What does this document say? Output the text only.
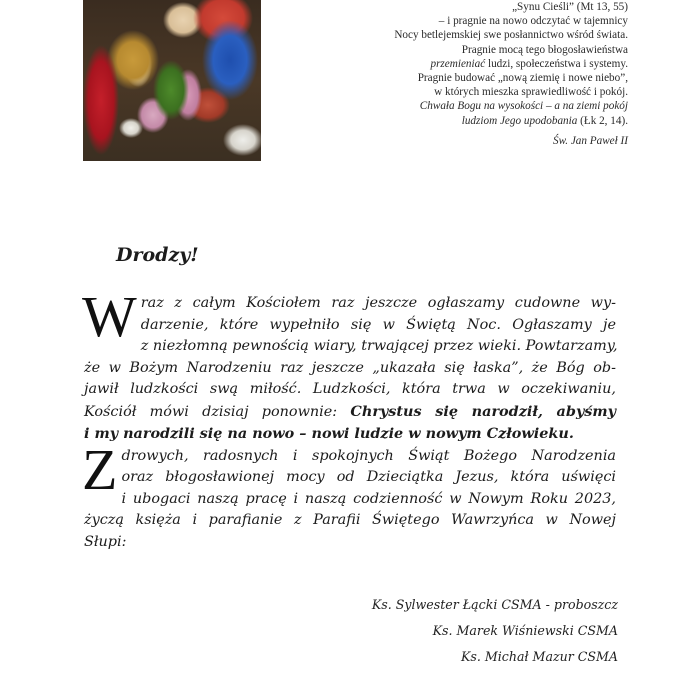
„Synu Cieśli” (Mt 13, 55)
– i pragnie na nowo odczytać w tajemnicy
Nocy betlejemskiej swe posłannictwo wśród świata.
Pragnie mocą tego błogosławieństwa
przemieniać ludzi, społeczeństwa i systemy.
Pragnie budować „nową ziemię i nowe niebo”,
w których mieszka sprawiedliwość i pokój.
Chwała Bogu na wysokości – a na ziemi pokój
ludziom Jego upodobania (Łk 2, 14).
Św. Jan Paweł II
Drodzy!
W raz z całym Kościołem raz jeszcze ogłaszamy cudowne wy-
darzenie, które wypełniło się w Świętą Noc. Ogłaszamy je
z niezłomną pewnością wiary, trwającej przez wieki. Powtarzamy,
że w Bożym Narodzeniu raz jeszcze „ukazała się łaska”, że Bóg ob-
jawił ludzkości swą miłość. Ludzkości, która trwa w oczekiwaniu,
Kościół mówi dzisiaj ponownie: Chrystus się narodził, abyśmy
i my narodzili się na nowo – nowi ludzie w nowym Człowieku.
Z drowych, radosnych i spokojnych Świąt Bożego Narodzenia
oraz błogosławionej mocy od Dzieciątka Jezus, która uświęci
i ubogaci naszą pracę i naszą codzienność w Nowym Roku 2023,
życzą księża i parafianie z Parafii Świętego Wawrzyńca w Nowej
Słupi:
Ks. Sylwester Łącki CSMA - proboszcz
Ks. Marek Wiśniewski CSMA
Ks. Michał Mazur CSMA
